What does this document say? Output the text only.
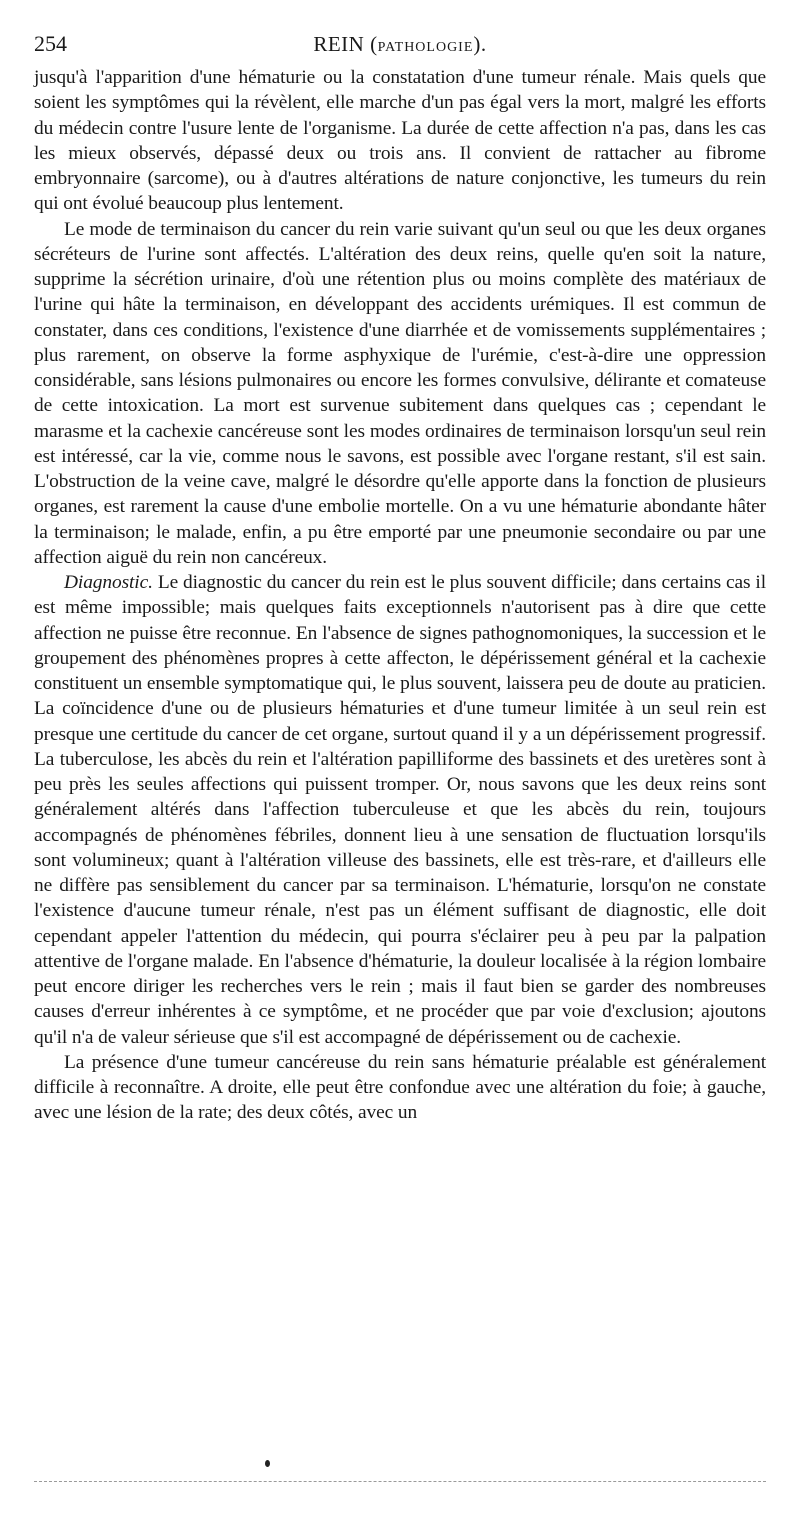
254	REIN (PATHOLOGIE).

jusqu'à l'apparition d'une hématurie ou la constatation d'une tumeur rénale. Mais quels que soient les symptômes qui la révèlent, elle marche d'un pas égal vers la mort, malgré les efforts du médecin contre l'usure lente de l'organisme. La durée de cette affection n'a pas, dans les cas les mieux observés, dépassé deux ou trois ans. Il convient de rattacher au fibrome embryonnaire (sarcome), ou à d'autres altérations de nature conjonctive, les tumeurs du rein qui ont évolué beaucoup plus lentement.

Le mode de terminaison du cancer du rein varie suivant qu'un seul ou que les deux organes sécréteurs de l'urine sont affectés. L'altération des deux reins, quelle qu'en soit la nature, supprime la sécrétion urinaire, d'où une rétention plus ou moins complète des matériaux de l'urine qui hâte la terminaison, en développant des accidents urémiques. Il est commun de constater, dans ces conditions, l'existence d'une diarrhée et de vomissements supplémentaires ; plus rarement, on observe la forme asphyxique de l'urémie, c'est-à-dire une oppression considérable, sans lésions pulmonaires ou encore les formes convulsive, délirante et comateuse de cette intoxication. La mort est survenue subitement dans quelques cas ; cependant le marasme et la cachexie cancéreuse sont les modes ordinaires de terminaison lorsqu'un seul rein est intéressé, car la vie, comme nous le savons, est possible avec l'organe restant, s'il est sain. L'obstruction de la veine cave, malgré le désordre qu'elle apporte dans la fonction de plusieurs organes, est rarement la cause d'une embolie mortelle. On a vu une hématurie abondante hâter la terminaison; le malade, enfin, a pu être emporté par une pneumonie secondaire ou par une affection aiguë du rein non cancéreux.

Diagnostic. Le diagnostic du cancer du rein est le plus souvent difficile; dans certains cas il est même impossible; mais quelques faits exceptionnels n'autorisent pas à dire que cette affection ne puisse être reconnue. En l'absence de signes pathognomoniques, la succession et le groupement des phénomènes propres à cette affecton, le dépérissement général et la cachexie constituent un ensemble symptomatique qui, le plus souvent, laissera peu de doute au praticien. La coïncidence d'une ou de plusieurs hématuries et d'une tumeur limitée à un seul rein est presque une certitude du cancer de cet organe, surtout quand il y a un dépérissement progressif. La tuberculose, les abcès du rein et l'altération papilliforme des bassinets et des uretères sont à peu près les seules affections qui puissent tromper. Or, nous savons que les deux reins sont généralement altérés dans l'affection tuberculeuse et que les abcès du rein, toujours accompagnés de phénomènes fébriles, donnent lieu à une sensation de fluctuation lorsqu'ils sont volumineux; quant à l'altération villeuse des bassinets, elle est très-rare, et d'ailleurs elle ne diffère pas sensiblement du cancer par sa terminaison. L'hématurie, lorsqu'on ne constate l'existence d'aucune tumeur rénale, n'est pas un élément suffisant de diagnostic, elle doit cependant appeler l'attention du médecin, qui pourra s'éclairer peu à peu par la palpation attentive de l'organe malade. En l'absence d'hématurie, la douleur localisée à la région lombaire peut encore diriger les recherches vers le rein ; mais il faut bien se garder des nombreuses causes d'erreur inhérentes à ce symptôme, et ne procéder que par voie d'exclusion; ajoutons qu'il n'a de valeur sérieuse que s'il est accompagné de dépérissement ou de cachexie.

La présence d'une tumeur cancéreuse du rein sans hématurie préalable est généralement difficile à reconnaître. A droite, elle peut être confondue avec une altération du foie; à gauche, avec une lésion de la rate; des deux côtés, avec un
